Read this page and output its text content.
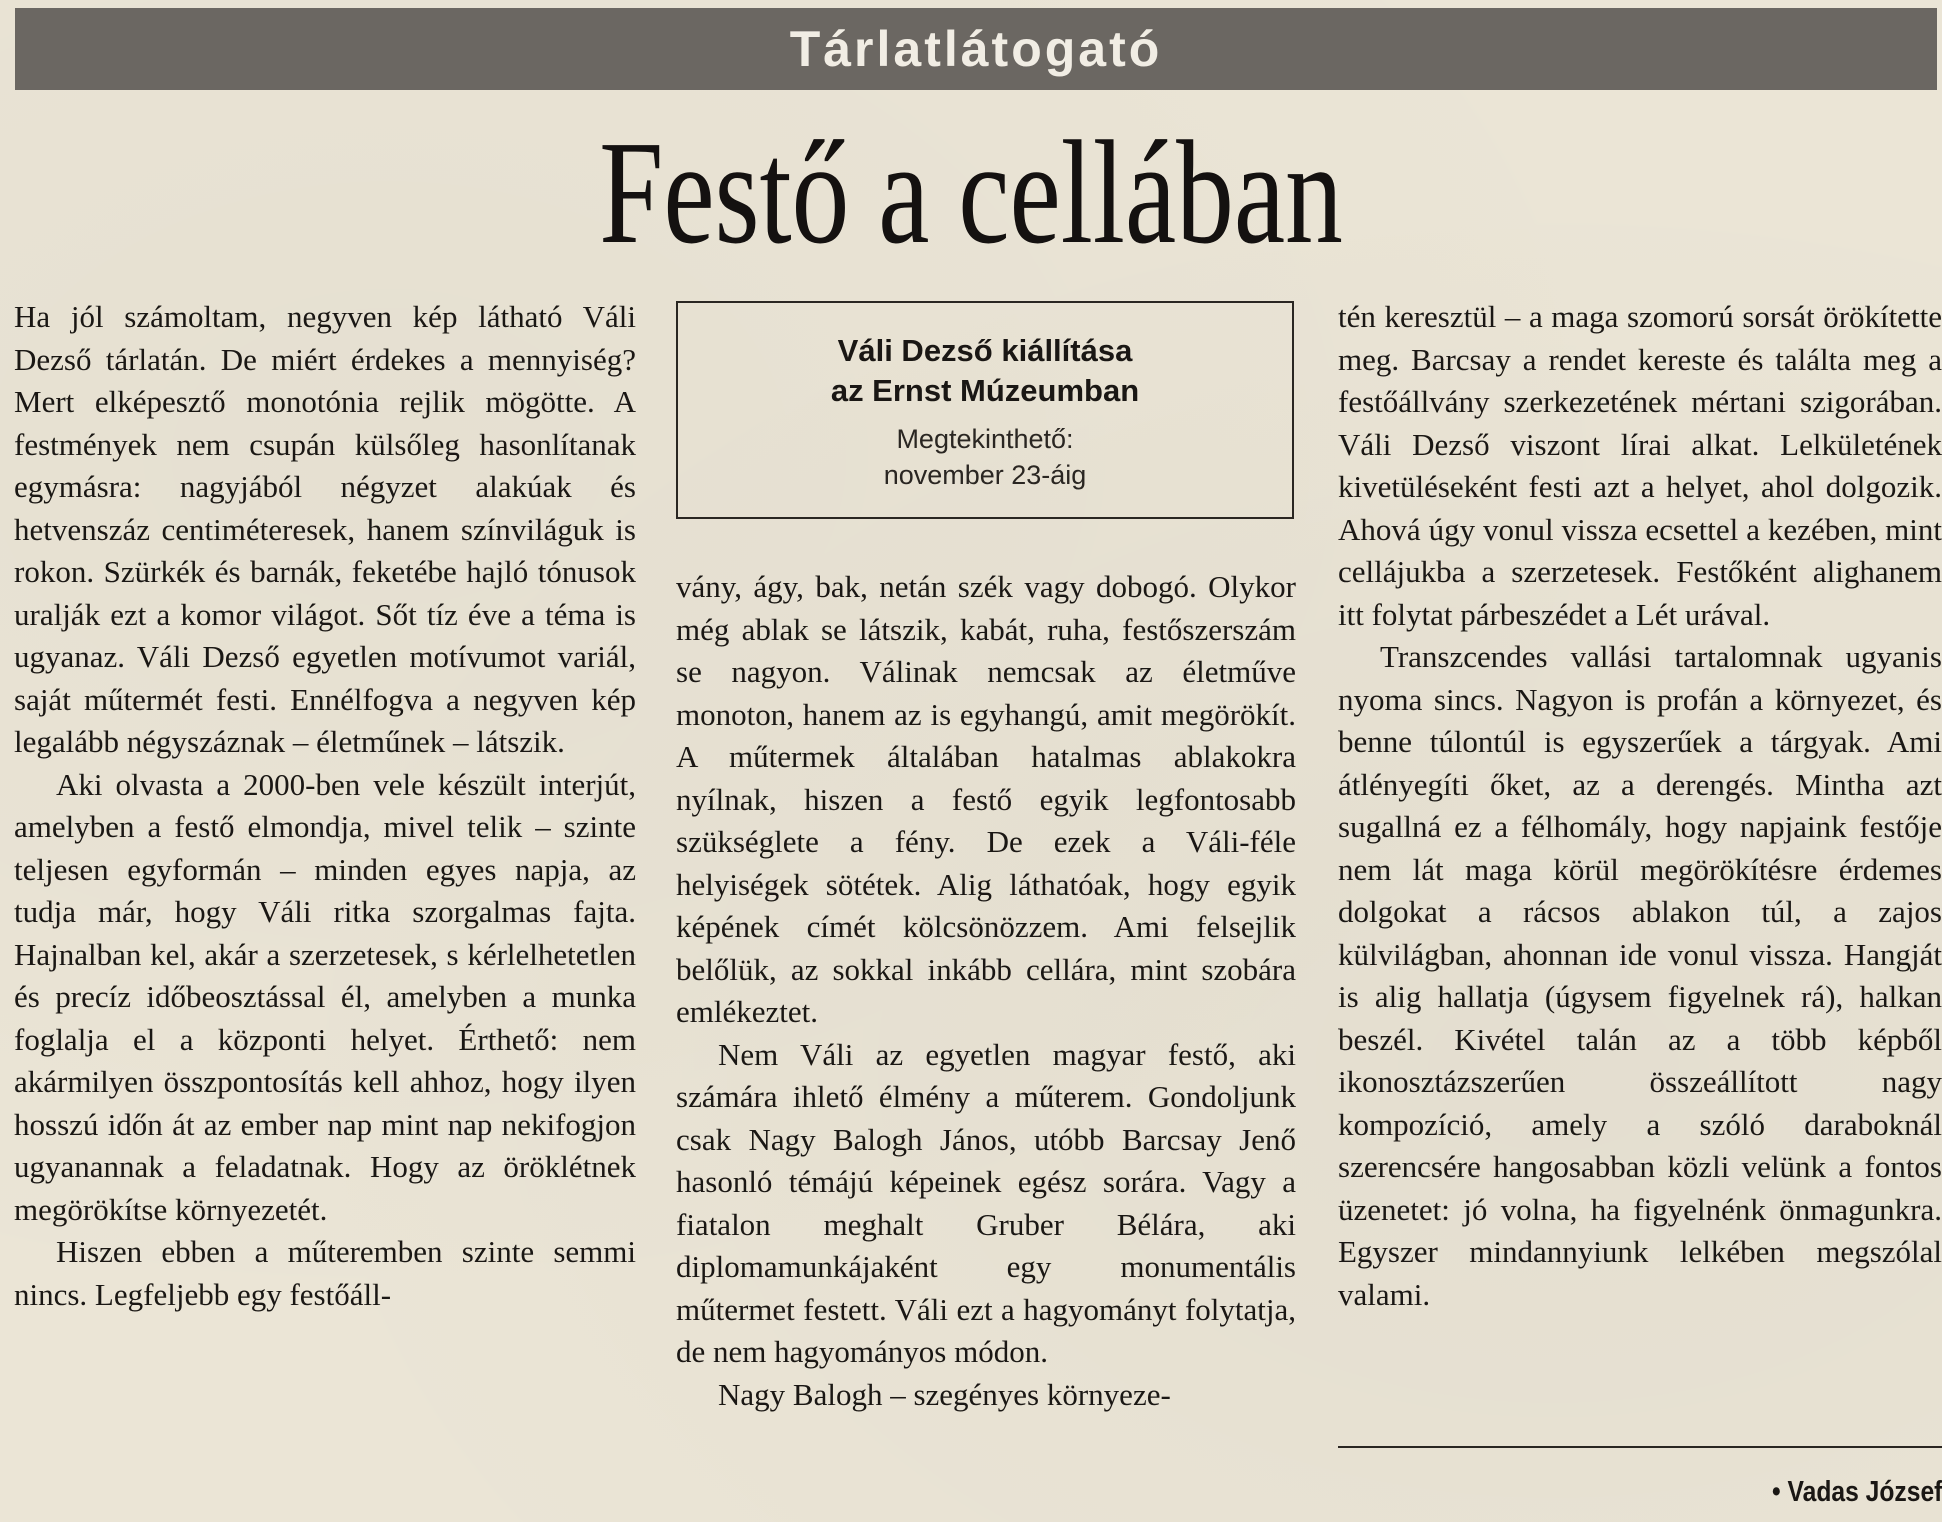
Tárlatlátogató
Festő a cellában

Ha jól számoltam, negyven kép látható Váli Dezső tárlatán. De miért érdekes a mennyiség? Mert elképesztő monotónia rejlik mögötte. A festmények nem csupán külsőleg hasonlítanak egymásra: nagyjából négyzet alakúak és hetvenszáz centiméteresek, hanem színviláguk is rokon. Szürkék és barnák, feketébe hajló tónusok uralják ezt a komor világot. Sőt tíz éve a téma is ugyanaz. Váli Dezső egyetlen motívumot variál, saját műtermét festi. Ennélfogva a negyven kép legalább négyszáznak – életműnek – látszik.

Aki olvasta a 2000-ben vele készült interjút, amelyben a festő elmondja, mivel telik – szinte teljesen egyformán – minden egyes napja, az tudja már, hogy Váli ritka szorgalmas fajta. Hajnalban kel, akár a szerzetesek, s kérlelhetetlen és precíz időbeosztással él, amelyben a munka foglalja el a központi helyet. Érthető: nem akármilyen összpontosítás kell ahhoz, hogy ilyen hosszú időn át az ember nap mint nap nekifogjon ugyanannak a feladatnak. Hogy az öröklétnek megörökítse környezetét.

Hiszen ebben a műteremben szinte semmi nincs. Legfeljebb egy festőáll-

Váli Dezső kiállítása
az Ernst Múzeumban
Megtekinthető:
november 23-áig

vány, ágy, bak, netán szék vagy dobogó. Olykor még ablak se látszik, kabát, ruha, festőszerszám se nagyon. Válinak nemcsak az életműve monoton, hanem az is egyhangú, amit megörökít. A műtermek általában hatalmas ablakokra nyílnak, hiszen a festő egyik legfontosabb szükséglete a fény. De ezek a Váli-féle helyiségek sötétek. Alig láthatóak, hogy egyik képének címét kölcsönözzem. Ami felsejlik belőlük, az sokkal inkább cellára, mint szobára emlékeztet.

Nem Váli az egyetlen magyar festő, aki számára ihlető élmény a műterem. Gondoljunk csak Nagy Balogh János, utóbb Barcsay Jenő hasonló témájú képeinek egész sorára. Vagy a fiatalon meghalt Gruber Bélára, aki diplomamunkájaként egy monumentális műtermet festett. Váli ezt a hagyományt folytatja, de nem hagyományos módon.

Nagy Balogh – szegényes környeze-

tén keresztül – a maga szomorú sorsát örökítette meg. Barcsay a rendet kereste és találta meg a festőállvány szerkezetének mértani szigorában. Váli Dezső viszont lírai alkat. Lelkületének kivetüléseként festi azt a helyet, ahol dolgozik. Ahová úgy vonul vissza ecsettel a kezében, mint cellájukba a szerzetesek. Festőként alighanem itt folytat párbeszédet a Lét urával.

Transzcendes vallási tartalomnak ugyanis nyoma sincs. Nagyon is profán a környezet, és benne túlontúl is egyszerűek a tárgyak. Ami átlényegíti őket, az a derengés. Mintha azt sugallná ez a félhomály, hogy napjaink festője nem lát maga körül megörökítésre érdemes dolgokat a rácsos ablakon túl, a zajos külvilágban, ahonnan ide vonul vissza. Hangját is alig hallatja (úgysem figyelnek rá), halkan beszél. Kivétel talán az a több képből ikonosztázszerűen összeállított nagy kompozíció, amely a szóló daraboknál szerencsére hangosabban közli velünk a fontos üzenetet: jó volna, ha figyelnénk önmagunkra. Egyszer mindannyiunk lelkében megszólal valami.

• Vadas József
